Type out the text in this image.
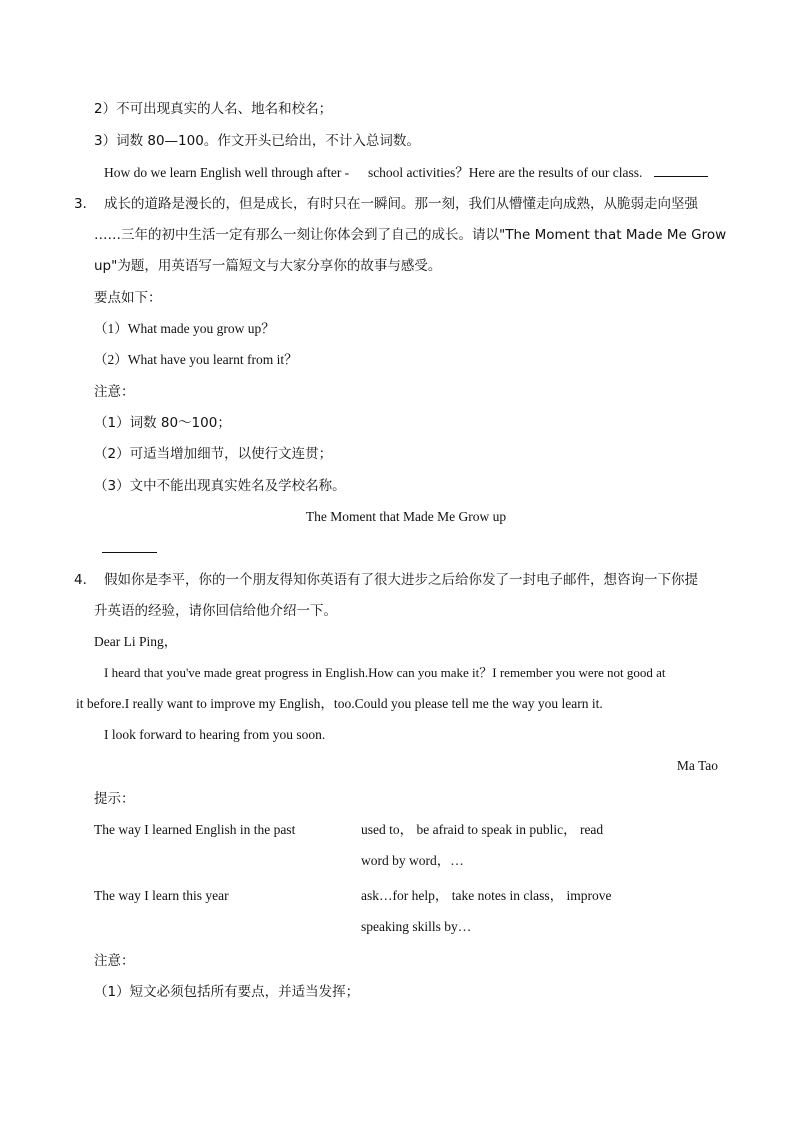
2）不可出现真实的人名、地名和校名；
3）词数 80—100。作文开头已给出，不计入总词数。
How do we learn English well through after - school activities？Here are the results of our class.
3． 成长的道路是漫长的，但是成长，有时只在一瞬间。那一刻，我们从懵懂走向成熟，从脆弱走向坚强
……三年的初中生活一定有那么一刻让你体会到了自己的成长。请以"The Moment that Made Me Grow
up"为题，用英语写一篇短文与大家分享你的故事与感受。
要点如下：
（1）What made you grow up？
（2）What have you learnt from it？
注意：
（1）词数 80～100；
（2）可适当增加细节，以使行文连贯；
（3）文中不能出现真实姓名及学校名称。
The Moment that Made Me Grow up
4． 假如你是李平，你的一个朋友得知你英语有了很大进步之后给你发了一封电子邮件，想咨询一下你提
升英语的经验，请你回信给他介绍一下。
Dear Li Ping，
I heard that you've made great progress in English.How can you make it？I remember you were not good at
it before.I really want to improve my English，too.Could you please tell me the way you learn it.
I look forward to hearing from you soon.
Ma Tao
提示：
The way I learned English in the past	used to， be afraid to speak in public， read
word by word，…
The way I learn this year	ask…for help， take notes in class， improve
speaking skills by…
注意：
（1）短文必须包括所有要点，并适当发挥；
